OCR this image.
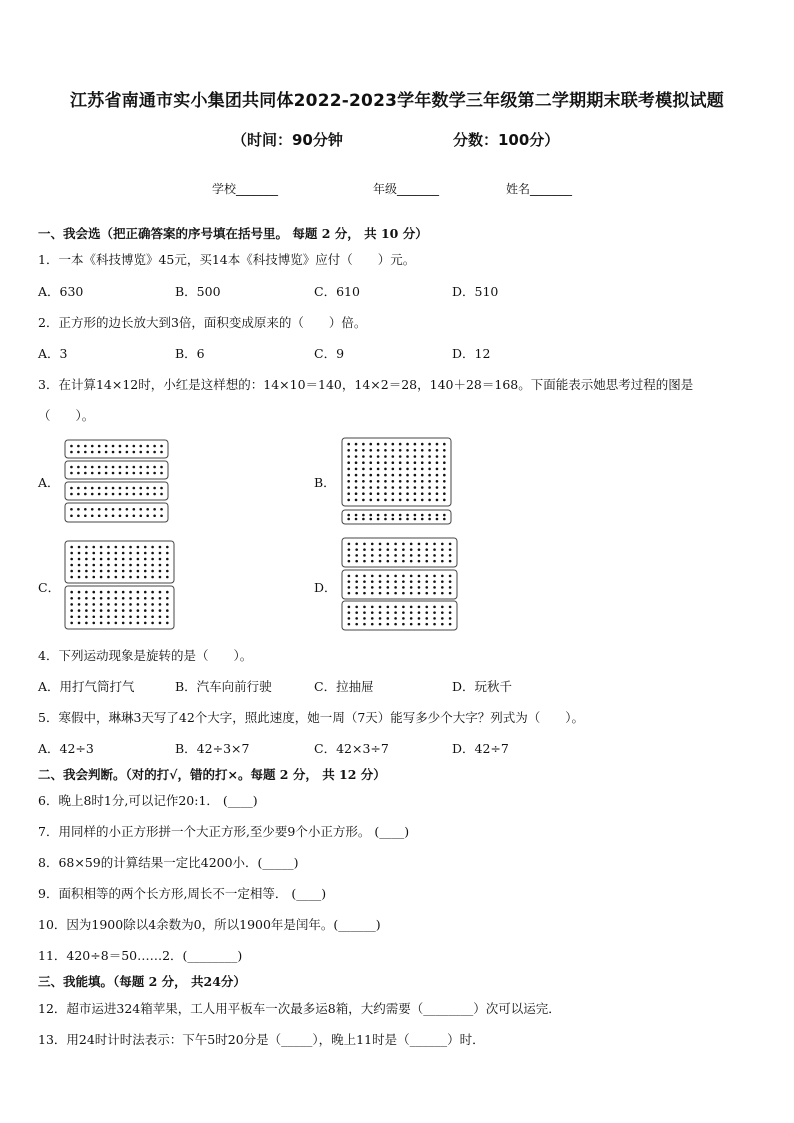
江苏省南通市实小集团共同体2022-2023学年数学三年级第二学期期末联考模拟试题
（时间：90分钟	分数：100分）
学校_______	年级_______	姓名_______
一、我会选（把正确答案的序号填在括号里。 每题 2 分， 共 10 分）
1．一本《科技博览》45元，买14本《科技博览》应付（　　）元。
A．630	B．500	C．610	D．510
2．正方形的边长放大到3倍，面积变成原来的（　　）倍。
A．3	B．6	C．9	D．12
3．在计算14×12时，小红是这样想的：14×10＝140，14×2＝28，140＋28＝168。下面能表示她思考过程的图是
（　　）。
A．	B．
C．	D．
4．下列运动现象是旋转的是（　　）。
A．用打气筒打气	B．汽车向前行驶	C．拉抽屉	D．玩秋千
5．寒假中，琳琳3天写了42个大字，照此速度，她一周（7天）能写多少个大字？列式为（　　）。
A．42÷3	B．42÷3×7	C．42×3÷7	D．42÷7
二、我会判断。（对的打√，错的打×。每题 2 分， 共 12 分）
6．晚上8时1分,可以记作20:1． (____)
7．用同样的小正方形拼一个大正方形,至少要9个小正方形。 (____)
8．68×59的计算结果一定比4200小．(_____)
9．面积相等的两个长方形,周长不一定相等． (____)
10．因为1900除以4余数为0，所以1900年是闰年。(______)
11．420÷8＝50……2．(________)
三、我能填。（每题 2 分， 共24分）
12．超市运进324箱苹果，工人用平板车一次最多运8箱，大约需要（________）次可以运完．
13．用24时计时法表示：下午5时20分是（_____），晚上11时是（______）时．
